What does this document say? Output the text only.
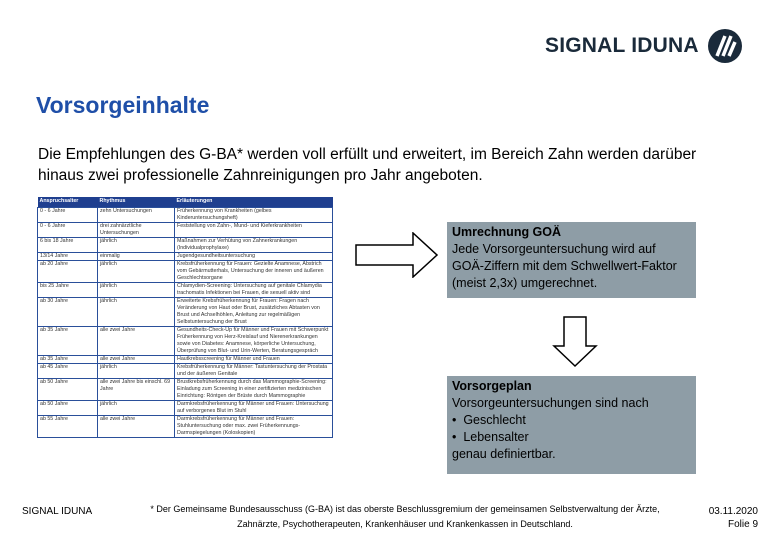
SIGNAL IDUNA
Vorsorgeinhalte
Die Empfehlungen des G-BA* werden voll erfüllt und erweitert, im Bereich Zahn werden darüber hinaus zwei professionelle Zahnreinigungen pro Jahr angeboten.
Anspruchsalter	Rhythmus	Erläuterungen
0 - 6 Jahre	zehn Untersuchungen	Früherkennung von Krankheiten (gelbes Kinderuntersuchungsheft)
0 - 6 Jahre	drei zahnärztliche Untersuchungen	Feststellung von Zahn-, Mund- und Kieferkrankheiten
6 bis 18 Jahre	jährlich	Maßnahmen zur Verhütung von Zahnerkrankungen (Individualprophylaxe)
13/14 Jahre	einmalig	Jugendgesundheitsuntersuchung
ab 20 Jahre	jährlich	Krebsfrüherkennung für Frauen: Gezielte Anamnese, Abstrich vom Gebärmutterhals, Untersuchung der inneren und äußeren Geschlechtsorgane
bis 25 Jahre	jährlich	Chlamydien-Screening: Untersuchung auf genitale Chlamydia trachomatis Infektionen bei Frauen, die sexuell aktiv sind
ab 30 Jahre	jährlich	Erweiterte Krebsfrüherkennung für Frauen: Fragen nach Veränderung von Haut oder Brust, zusätzliches Abtasten von Brust und Achselhöhlen, Anleitung zur regelmäßigen Selbstuntersuchung der Brust
ab 35 Jahre	alle zwei Jahre	Gesundheits-Check-Up für Männer und Frauen mit Schwerpunkt Früherkennung von Herz-Kreislauf und Nierenerkrankungen sowie von Diabetes: Anamnese, körperliche Untersuchung, Überprüfung von Blut- und Urin-Werten, Beratungsgespräch
ab 35 Jahre	alle zwei Jahre	Hautkrebsscreening für Männer und Frauen
ab 45 Jahre	jährlich	Krebsfrüherkennung für Männer: Tastuntersuchung der Prostata und der äußeren Genitale
ab 50 Jahre	alle zwei Jahre bis einschl. 69 Jahre	Brustkrebsfrüherkennung durch das Mammographie-Screening: Einladung zum Screening in einer zertifizierten medizinischen Einrichtung: Röntgen der Brüste durch Mammographie
ab 50 Jahre	jährlich	Darmkrebsfrüherkennung für Männer und Frauen: Untersuchung auf verborgenes Blut im Stuhl
ab 55 Jahre	alle zwei Jahre	Darmkrebsfrüherkennung für Männer und Frauen: Stuhluntersuchung oder max. zwei Früherkennungs-Darmspiegelungen (Koloskopien)
Umrechnung GOÄ
Jede Vorsorgeuntersuchung wird auf GOÄ-Ziffern mit dem Schwellwert-Faktor (meist 2,3x) umgerechnet.
Vorsorgeplan
Vorsorgeuntersuchungen sind nach
•  Geschlecht
•  Lebensalter
genau definiertbar.
SIGNAL IDUNA	* Der Gemeinsame Bundesausschuss (G-BA) ist das oberste Beschlussgremium der gemeinsamen Selbstverwaltung der Ärzte, Zahnärzte, Psychotherapeuten, Krankenhäuser und Krankenkassen in Deutschland.
03.11.2020
Folie 9
